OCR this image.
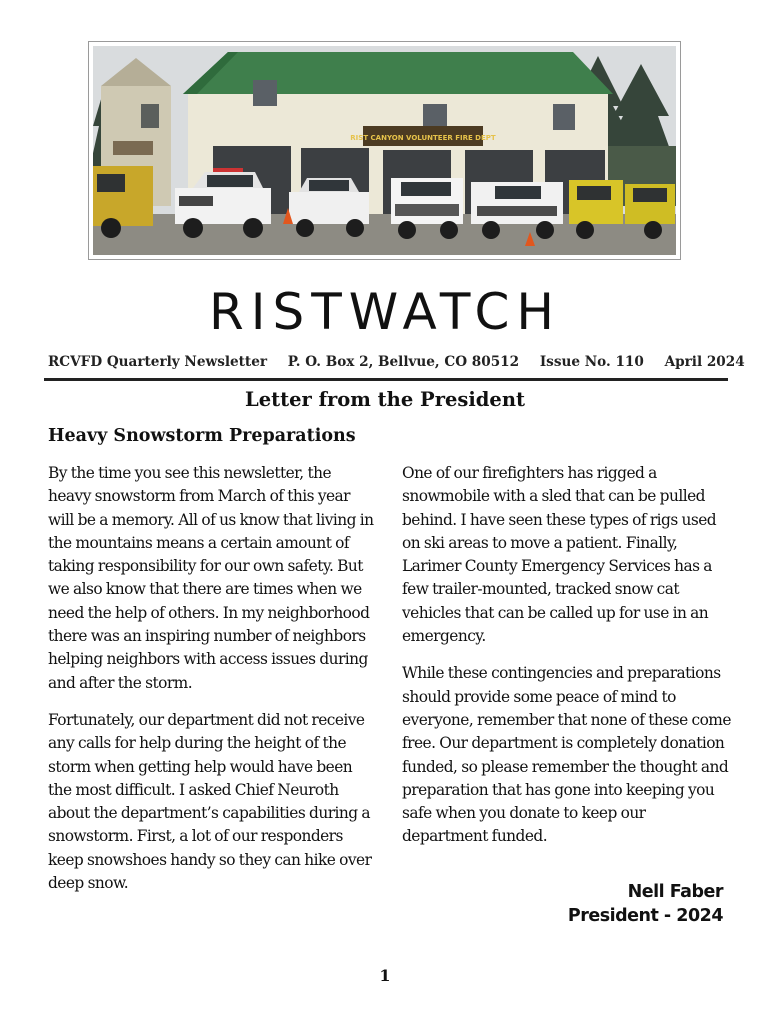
RIST CANYON VOLUNTEER FIRE DEPT
RISTWATCH
RCVFD Quarterly Newsletter P. O. Box 2, Bellvue, CO 80512 Issue No. 110 April 2024
Letter from the President
Heavy Snowstorm Preparations

By the time you see this newsletter, the heavy snowstorm from March of this year will be a memory. All of us know that living in the mountains means a certain amount of taking responsibility for our own safety. But we also know that there are times when we need the help of others. In my neighborhood there was an inspiring number of neighbors helping neighbors with access issues during and after the storm.

Fortunately, our department did not receive any calls for help during the height of the storm when getting help would have been the most difficult. I asked Chief Neuroth about the department’s capabilities during a snowstorm. First, a lot of our responders keep snowshoes handy so they can hike over deep snow.

One of our firefighters has rigged a snowmobile with a sled that can be pulled behind. I have seen these types of rigs used on ski areas to move a patient. Finally, Larimer County Emergency Services has a few trailer-mounted, tracked snow cat vehicles that can be called up for use in an emergency.

While these contingencies and preparations should provide some peace of mind to everyone, remember that none of these come free. Our department is completely donation funded, so please remember the thought and preparation that has gone into keeping you safe when you donate to keep our department funded.

Nell Faber
President - 2024
1
